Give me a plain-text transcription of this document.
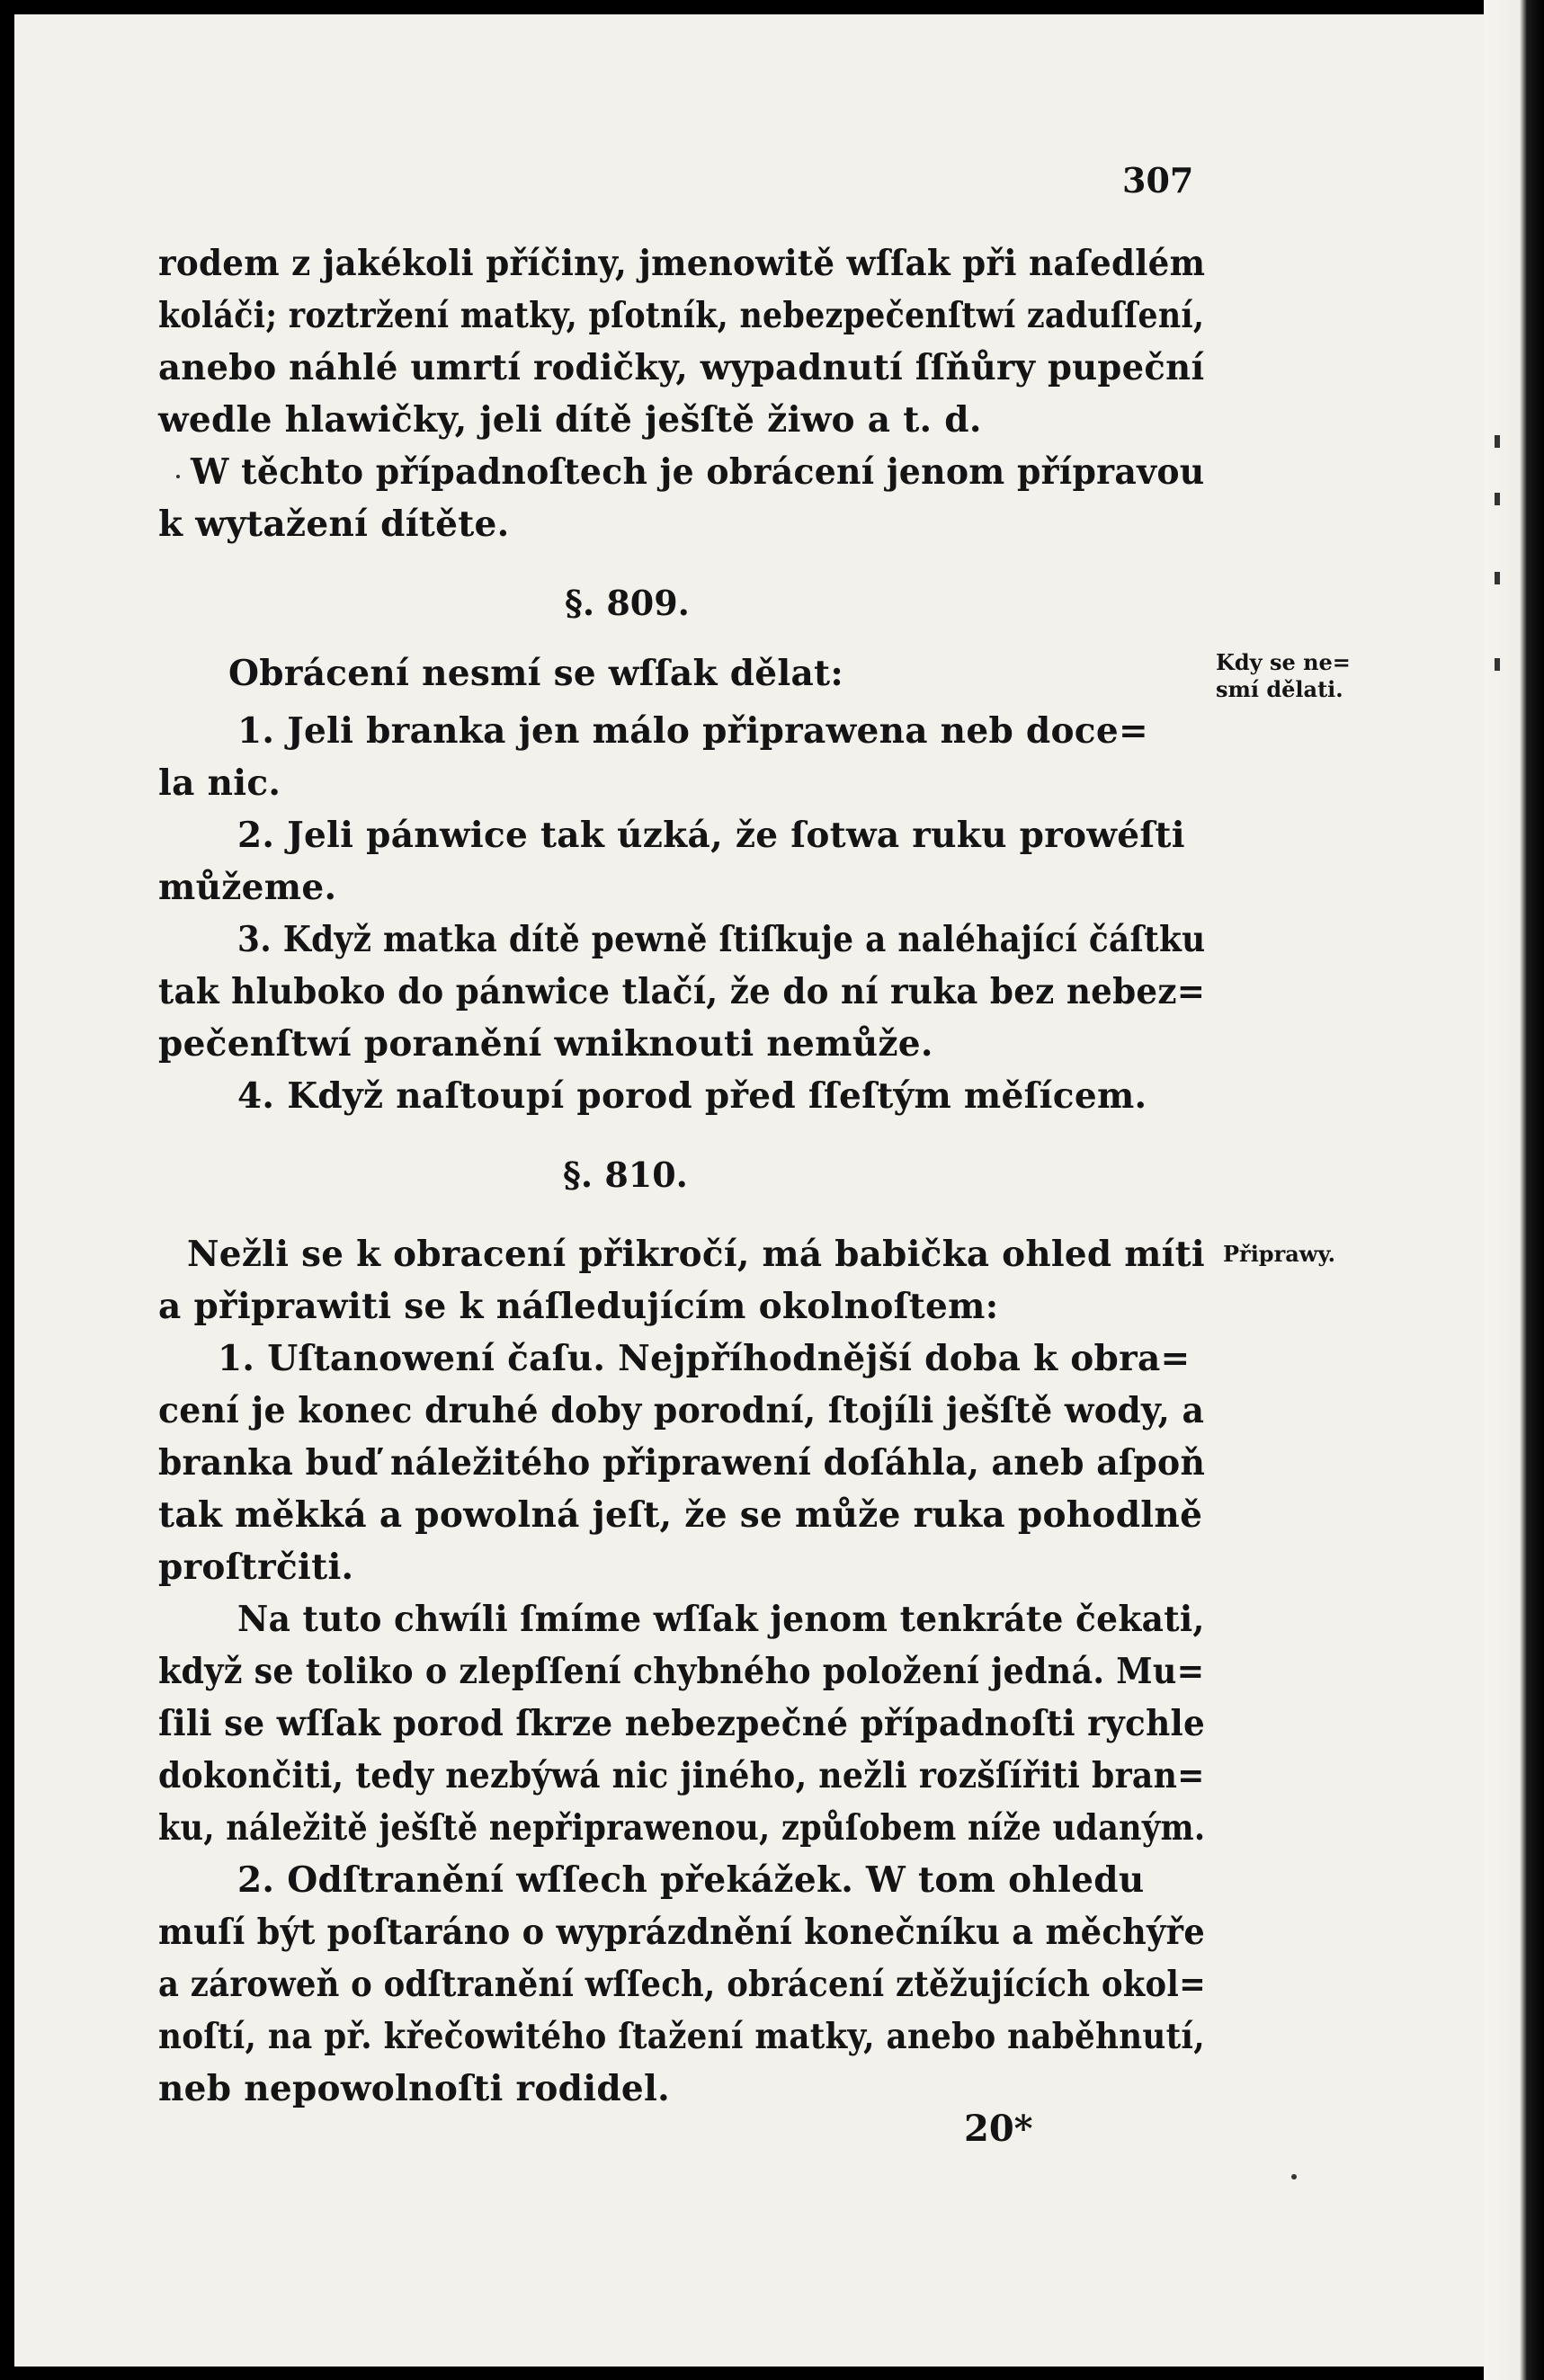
307
rodem z jakékoli příčiny, jmenowitě wſſak při naſedlém
koláči; roztržení matky, pſotník, nebezpečenſtwí zaduſſení,
anebo náhlé umrtí rodičky, wypadnutí ſſňůry pupeční
wedle hlawičky, jeli dítě ješſtě žiwo a t. d.
W těchto případnoſtech je obrácení jenom přípravou
k wytažení dítěte.
§. 809.
Obrácení nesmí se wſſak dělat:	Kdy se ne=
smí dělati.
1. Jeli branka jen málo připrawena neb doce=
la nic.
2. Jeli pánwice tak úzká, že ſotwa ruku prowéſti
můžeme.
3. Když matka dítě pewně ſtiſkuje a naléhající čáſtku
tak hluboko do pánwice tlačí, že do ní ruka bez nebez=
pečenſtwí poranění wniknouti nemůže.
4. Když naſtoupí porod před ſſeſtým měſícem.
§. 810.
Nežli se k obracení přikročí, má babička ohled míti Připrawy.
a připrawiti se k náſledujícím okolnoſtem:
1. Uſtanowení čaſu. Nejpříhodnější doba k obra=
cení je konec druhé doby porodní, ſtojíli ješſtě wody, a
branka buď náležitého připrawení doſáhla, aneb aſpoň
tak měkká a powolná jeſt, že se může ruka pohodlně
proſtrčiti.
Na tuto chwíli ſmíme wſſak jenom tenkráte čekati,
když se toliko o zlepſſení chybného položení jedná. Mu=
ſili se wſſak porod ſkrze nebezpečné případnoſti rychle
dokončiti, tedy nezbýwá nic jiného, nežli rozšſířiti bran=
ku, náležitě ješſtě nepřiprawenou, způſobem níže udaným.
2. Odſtranění wſſech překážek. W tom ohledu
muſí být poſtaráno o wyprázdnění konečníku a měchýře
a zároweň o odſtranění wſſech, obrácení ztěžujících okol=
noſtí, na př. křečowitého ſtažení matky, anebo naběhnutí,
neb nepowolnoſti rodidel.
20*
